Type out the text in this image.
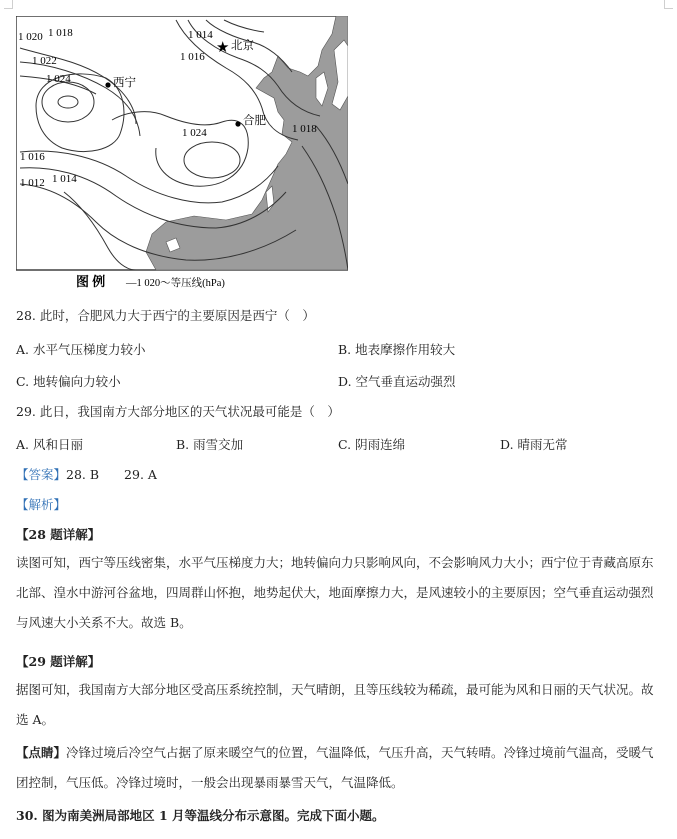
★
1 020 1 018
1 022
1 024	西宁
1 014
北京
1 016
合肥
1 024	1 018
1 016
1 012 1 014
图 例 —1 020～等压线(hPa)
28. 此时，合肥风力大于西宁的主要原因是西宁（　）
A. 水平气压梯度力较小	B. 地表摩擦作用较大
C. 地转偏向力较小	D. 空气垂直运动强烈
29. 此日，我国南方大部分地区的天气状况最可能是（　）
A. 风和日丽	B. 雨雪交加	C. 阴雨连绵	D. 晴雨无常
【答案】28. B　　29. A
【解析】
【28 题详解】
读图可知，西宁等压线密集，水平气压梯度力大；地转偏向力只影响风向，不会影响风力大小；西宁位于青藏高原东北部、湟水中游河谷盆地，四周群山怀抱，地势起伏大，地面摩擦力大，是风速较小的主要原因；空气垂直运动强烈与风速大小关系不大。故选 B。
【29 题详解】
据图可知，我国南方大部分地区受高压系统控制，天气晴朗，且等压线较为稀疏，最可能为风和日丽的天气状况。故选 A。
【点睛】冷锋过境后冷空气占据了原来暖空气的位置，气温降低，气压升高，天气转晴。冷锋过境前气温高，受暖气团控制，气压低。冷锋过境时，一般会出现暴雨暴雪天气，气温降低。
30. 图为南美洲局部地区 1 月等温线分布示意图。完成下面小题。
